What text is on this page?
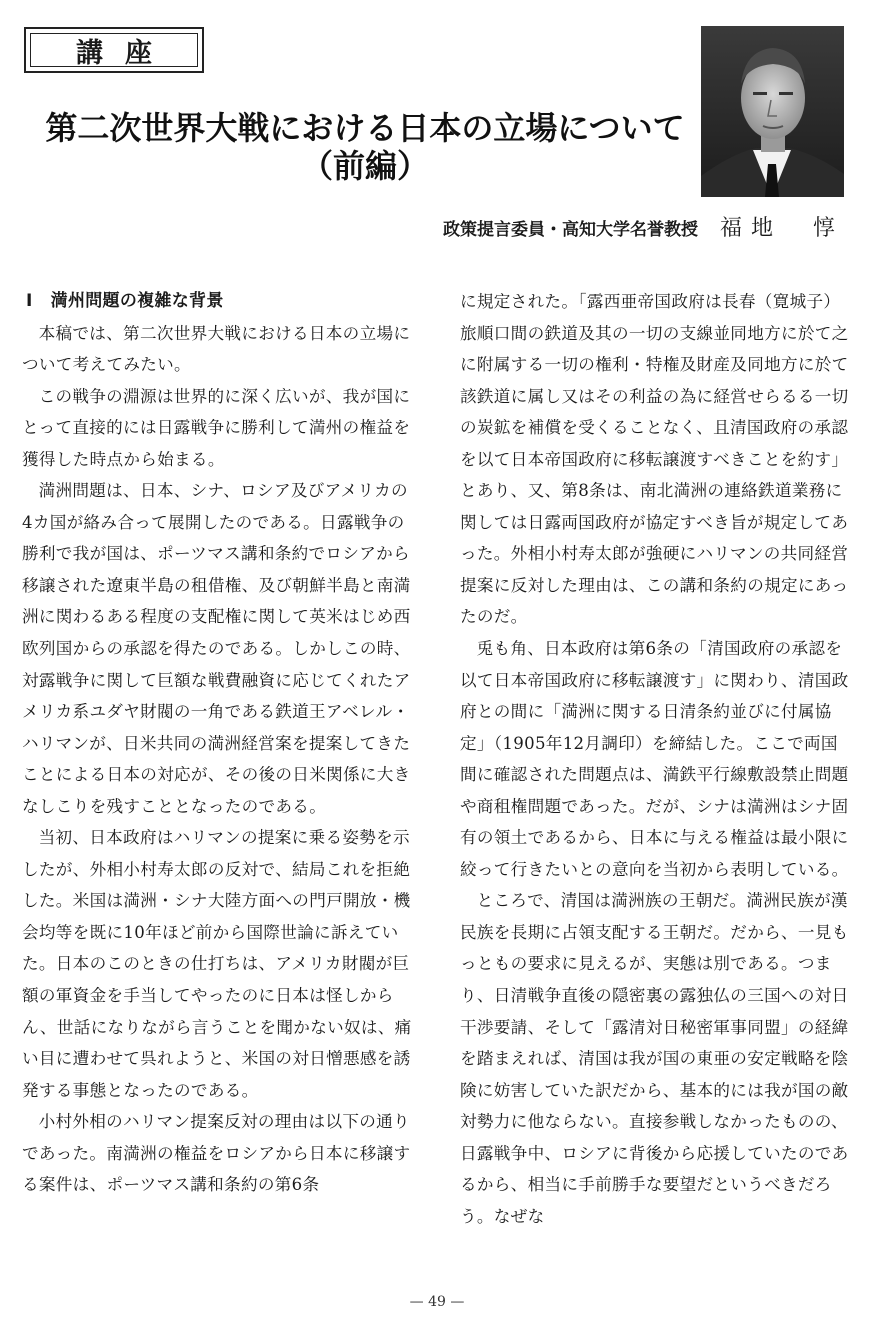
講座
第二次世界大戦における日本の立場について
（前編）
政策提言委員・高知大学名誉教授 福地　惇
Ⅰ 満州問題の複雑な背景

本稿では、第二次世界大戦における日本の立場について考えてみたい。

この戦争の淵源は世界的に深く広いが、我が国にとって直接的には日露戦争に勝利して満州の権益を獲得した時点から始まる。

満洲問題は、日本、シナ、ロシア及びアメリカの4カ国が絡み合って展開したのである。日露戦争の勝利で我が国は、ポーツマス講和条約でロシアから移譲された遼東半島の租借権、及び朝鮮半島と南満洲に関わるある程度の支配権に関して英米はじめ西欧列国からの承認を得たのである。しかしこの時、対露戦争に関して巨額な戦費融資に応じてくれたアメリカ系ユダヤ財閥の一角である鉄道王アベレル・ハリマンが、日米共同の満洲経営案を提案してきたことによる日本の対応が、その後の日米関係に大きなしこりを残すこととなったのである。

当初、日本政府はハリマンの提案に乗る姿勢を示したが、外相小村寿太郎の反対で、結局これを拒絶した。米国は満洲・シナ大陸方面への門戸開放・機会均等を既に10年ほど前から国際世論に訴えていた。日本のこのときの仕打ちは、アメリカ財閥が巨額の軍資金を手当してやったのに日本は怪しからん、世話になりながら言うことを聞かない奴は、痛い目に遭わせて呉れようと、米国の対日憎悪感を誘発する事態となったのである。

小村外相のハリマン提案反対の理由は以下の通りであった。南満洲の権益をロシアから日本に移譲する案件は、ポーツマス講和条約の第6条

に規定された。「露西亜帝国政府は長春（寛城子）旅順口間の鉄道及其の一切の支線並同地方に於て之に附属する一切の権利・特権及財産及同地方に於て該鉄道に属し又はその利益の為に経営せらるる一切の炭鉱を補償を受くることなく、且清国政府の承認を以て日本帝国政府に移転譲渡すべきことを約す」とあり、又、第8条は、南北満洲の連絡鉄道業務に関しては日露両国政府が協定すべき旨が規定してあった。外相小村寿太郎が強硬にハリマンの共同経営提案に反対した理由は、この講和条約の規定にあったのだ。

兎も角、日本政府は第6条の「清国政府の承認を以て日本帝国政府に移転譲渡す」に関わり、清国政府との間に「満洲に関する日清条約並びに付属協定」（1905年12月調印）を締結した。ここで両国間に確認された問題点は、満鉄平行線敷設禁止問題や商租権問題であった。だが、シナは満洲はシナ固有の領土であるから、日本に与える権益は最小限に絞って行きたいとの意向を当初から表明している。

ところで、清国は満洲族の王朝だ。満洲民族が漢民族を長期に占領支配する王朝だ。だから、一見もっともの要求に見えるが、実態は別である。つまり、日清戦争直後の隠密裏の露独仏の三国への対日干渉要請、そして「露清対日秘密軍事同盟」の経緯を踏まえれば、清国は我が国の東亜の安定戦略を陰険に妨害していた訳だから、基本的には我が国の敵対勢力に他ならない。直接参戦しなかったものの、日露戦争中、ロシアに背後から応援していたのであるから、相当に手前勝手な要望だというべきだろう。なぜな

— 49 —
